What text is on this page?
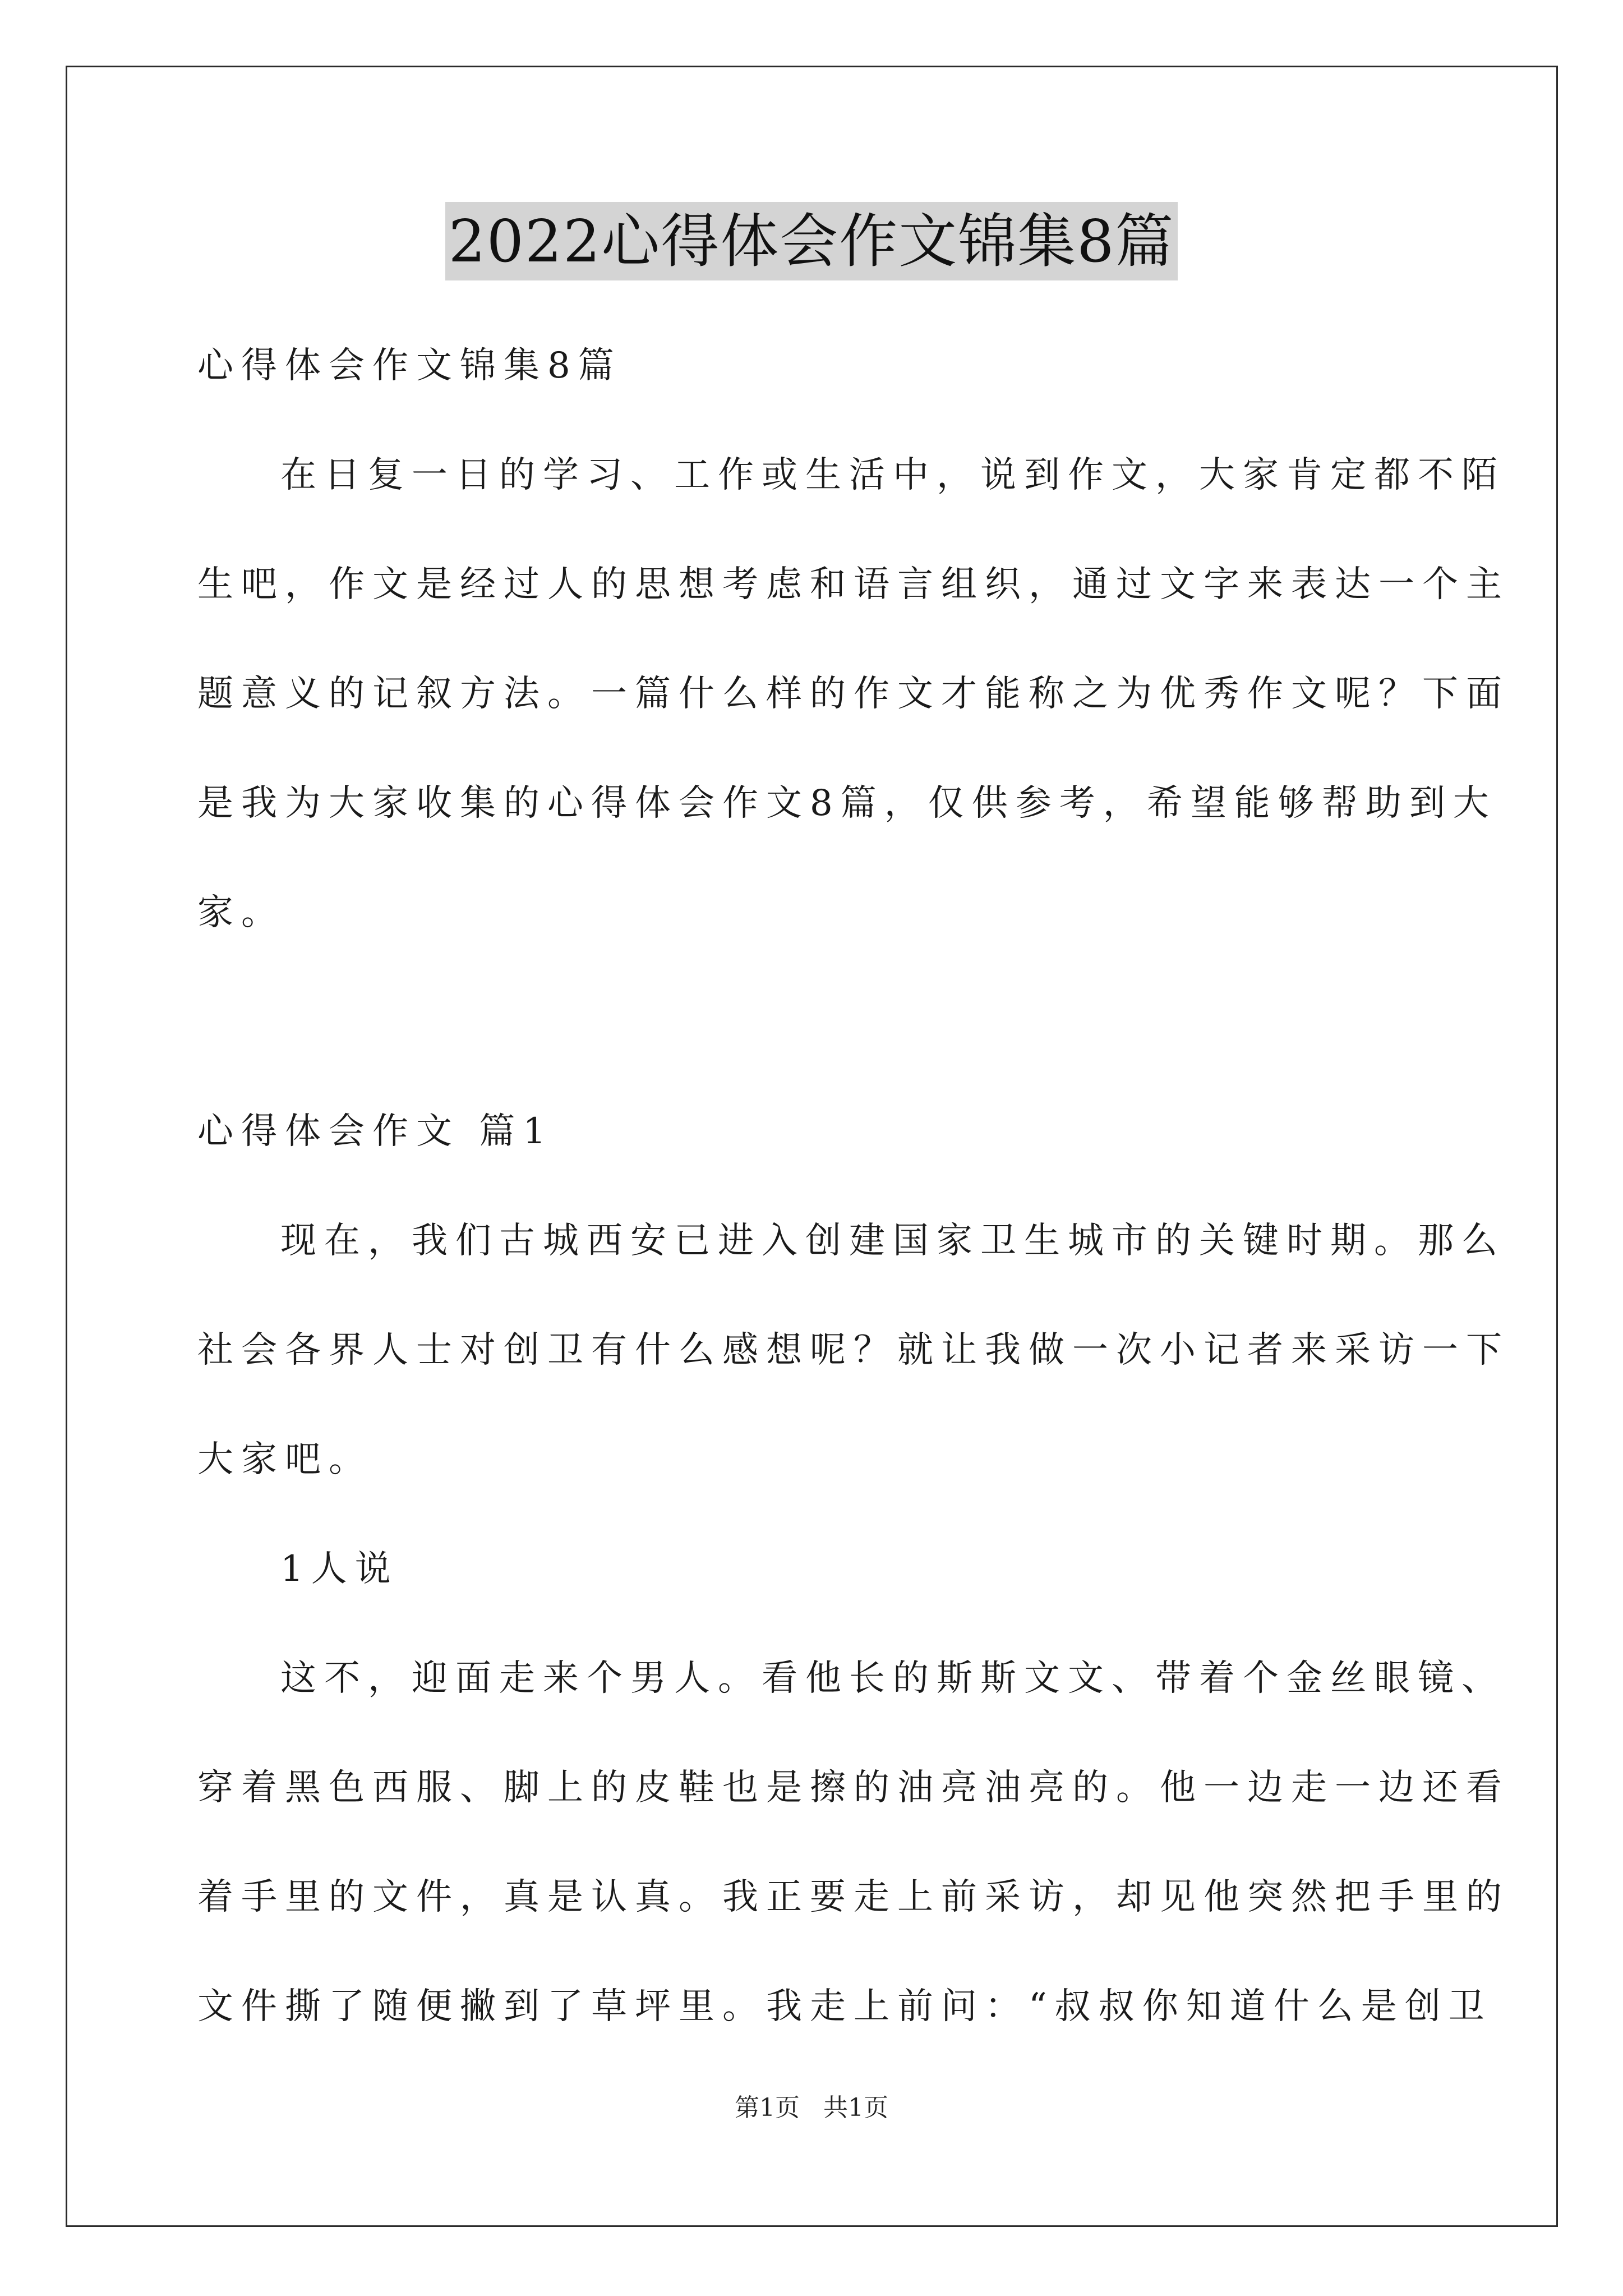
2022心得体会作文锦集8篇
心得体会作文锦集8篇
在日复一日的学习、工作或生活中，说到作文，大家肯定都不陌
生吧，作文是经过人的思想考虑和语言组织，通过文字来表达一个主
题意义的记叙方法。一篇什么样的作文才能称之为优秀作文呢？下面
是我为大家收集的心得体会作文8篇，仅供参考，希望能够帮助到大
家。
心得体会作文 篇1
现在，我们古城西安已进入创建国家卫生城市的关键时期。那么
社会各界人士对创卫有什么感想呢？就让我做一次小记者来采访一下
大家吧。
1人说
这不，迎面走来个男人。看他长的斯斯文文、带着个金丝眼镜、
穿着黑色西服、脚上的皮鞋也是擦的油亮油亮的。他一边走一边还看
着手里的文件，真是认真。我正要走上前采访，却见他突然把手里的
文件撕了随便撇到了草坪里。我走上前问：“叔叔你知道什么是创卫
第1页   共1页
